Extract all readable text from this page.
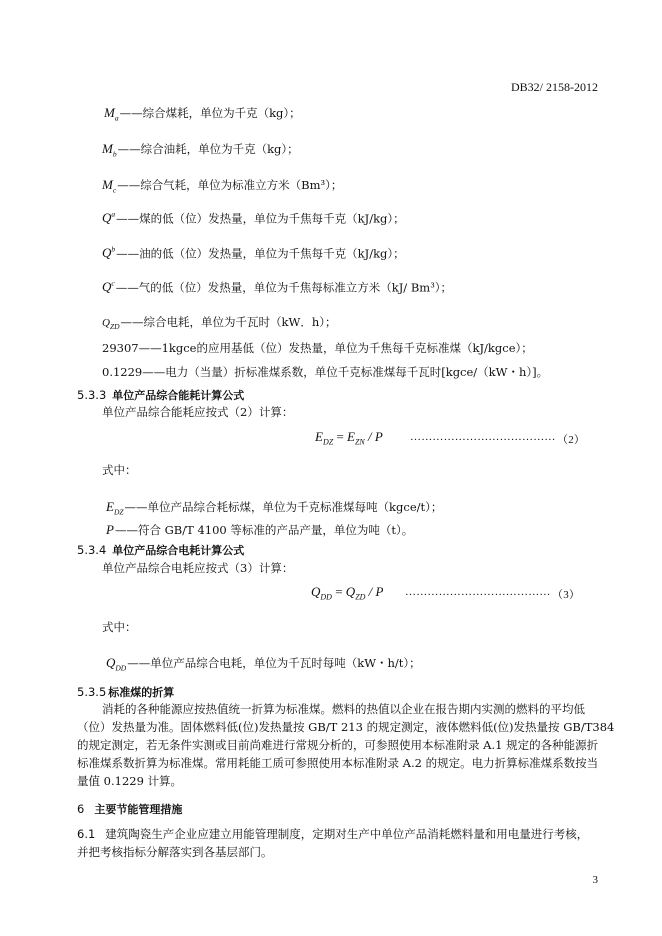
DB32/ 2158-2012
$M_a——$综合煤耗，单位为千克（kg）；
$M_b——$综合油耗，单位为千克（kg）；
$M_c——$综合气耗，单位为标准立方米（Bm³）；
$Q^a——$煤的低（位）发热量，单位为千焦每千克（kJ/kg）；
$Q^b——$油的低（位）发热量，单位为千焦每千克（kJ/kg）；
$Q^c——$气的低（位）发热量，单位为千焦每标准立方米（kJ/ Bm³）；
$Q_{ZD}——$综合电耗，单位为千瓦时（kW．h）；
29307——1kgce的应用基低（位）发热量，单位为千焦每千克标准煤（kJ/kgce）；
0.1229——电力（当量）折标准煤系数，单位千克标准煤每千瓦时[kgce/（kW・h）]。
5.3.3 单位产品综合能耗计算公式
单位产品综合能耗应按式（2）计算：
$E_{DZ} = E_{ZN} / P$ ………………………………… （2）
式中：
$E_{DZ}——$单位产品综合耗标煤，单位为千克标准煤每吨（kgce/t）；
P——符合 GB/T 4100 等标准的产品产量，单位为吨（t）。
5.3.4 单位产品综合电耗计算公式
单位产品综合电耗应按式（3）计算：
$Q_{DD} = Q_{ZD} / P$ ………………………………… （3）
式中：
$Q_{DD}——$单位产品综合电耗，单位为千瓦时每吨（kW・h/t）；
5.3.5 标准煤的折算
消耗的各种能源应按热值统一折算为标准煤。燃料的热值以企业在报告期内实测的燃料的平均低
（位）发热量为准。固体燃料低(位)发热量按 GB/T 213 的规定测定，液体燃料低(位)发热量按 GB/T384
的规定测定，若无条件实测或目前尚难进行常规分析的，可参照使用本标准附录 A.1 规定的各种能源折
标准煤系数折算为标准煤。常用耗能工质可参照使用本标准附录 A.2 的规定。电力折算标准煤系数按当
量值 0.1229 计算。
6 主要节能管理措施
6.1 建筑陶瓷生产企业应建立用能管理制度，定期对生产中单位产品消耗燃料量和用电量进行考核，
并把考核指标分解落实到各基层部门。
3
